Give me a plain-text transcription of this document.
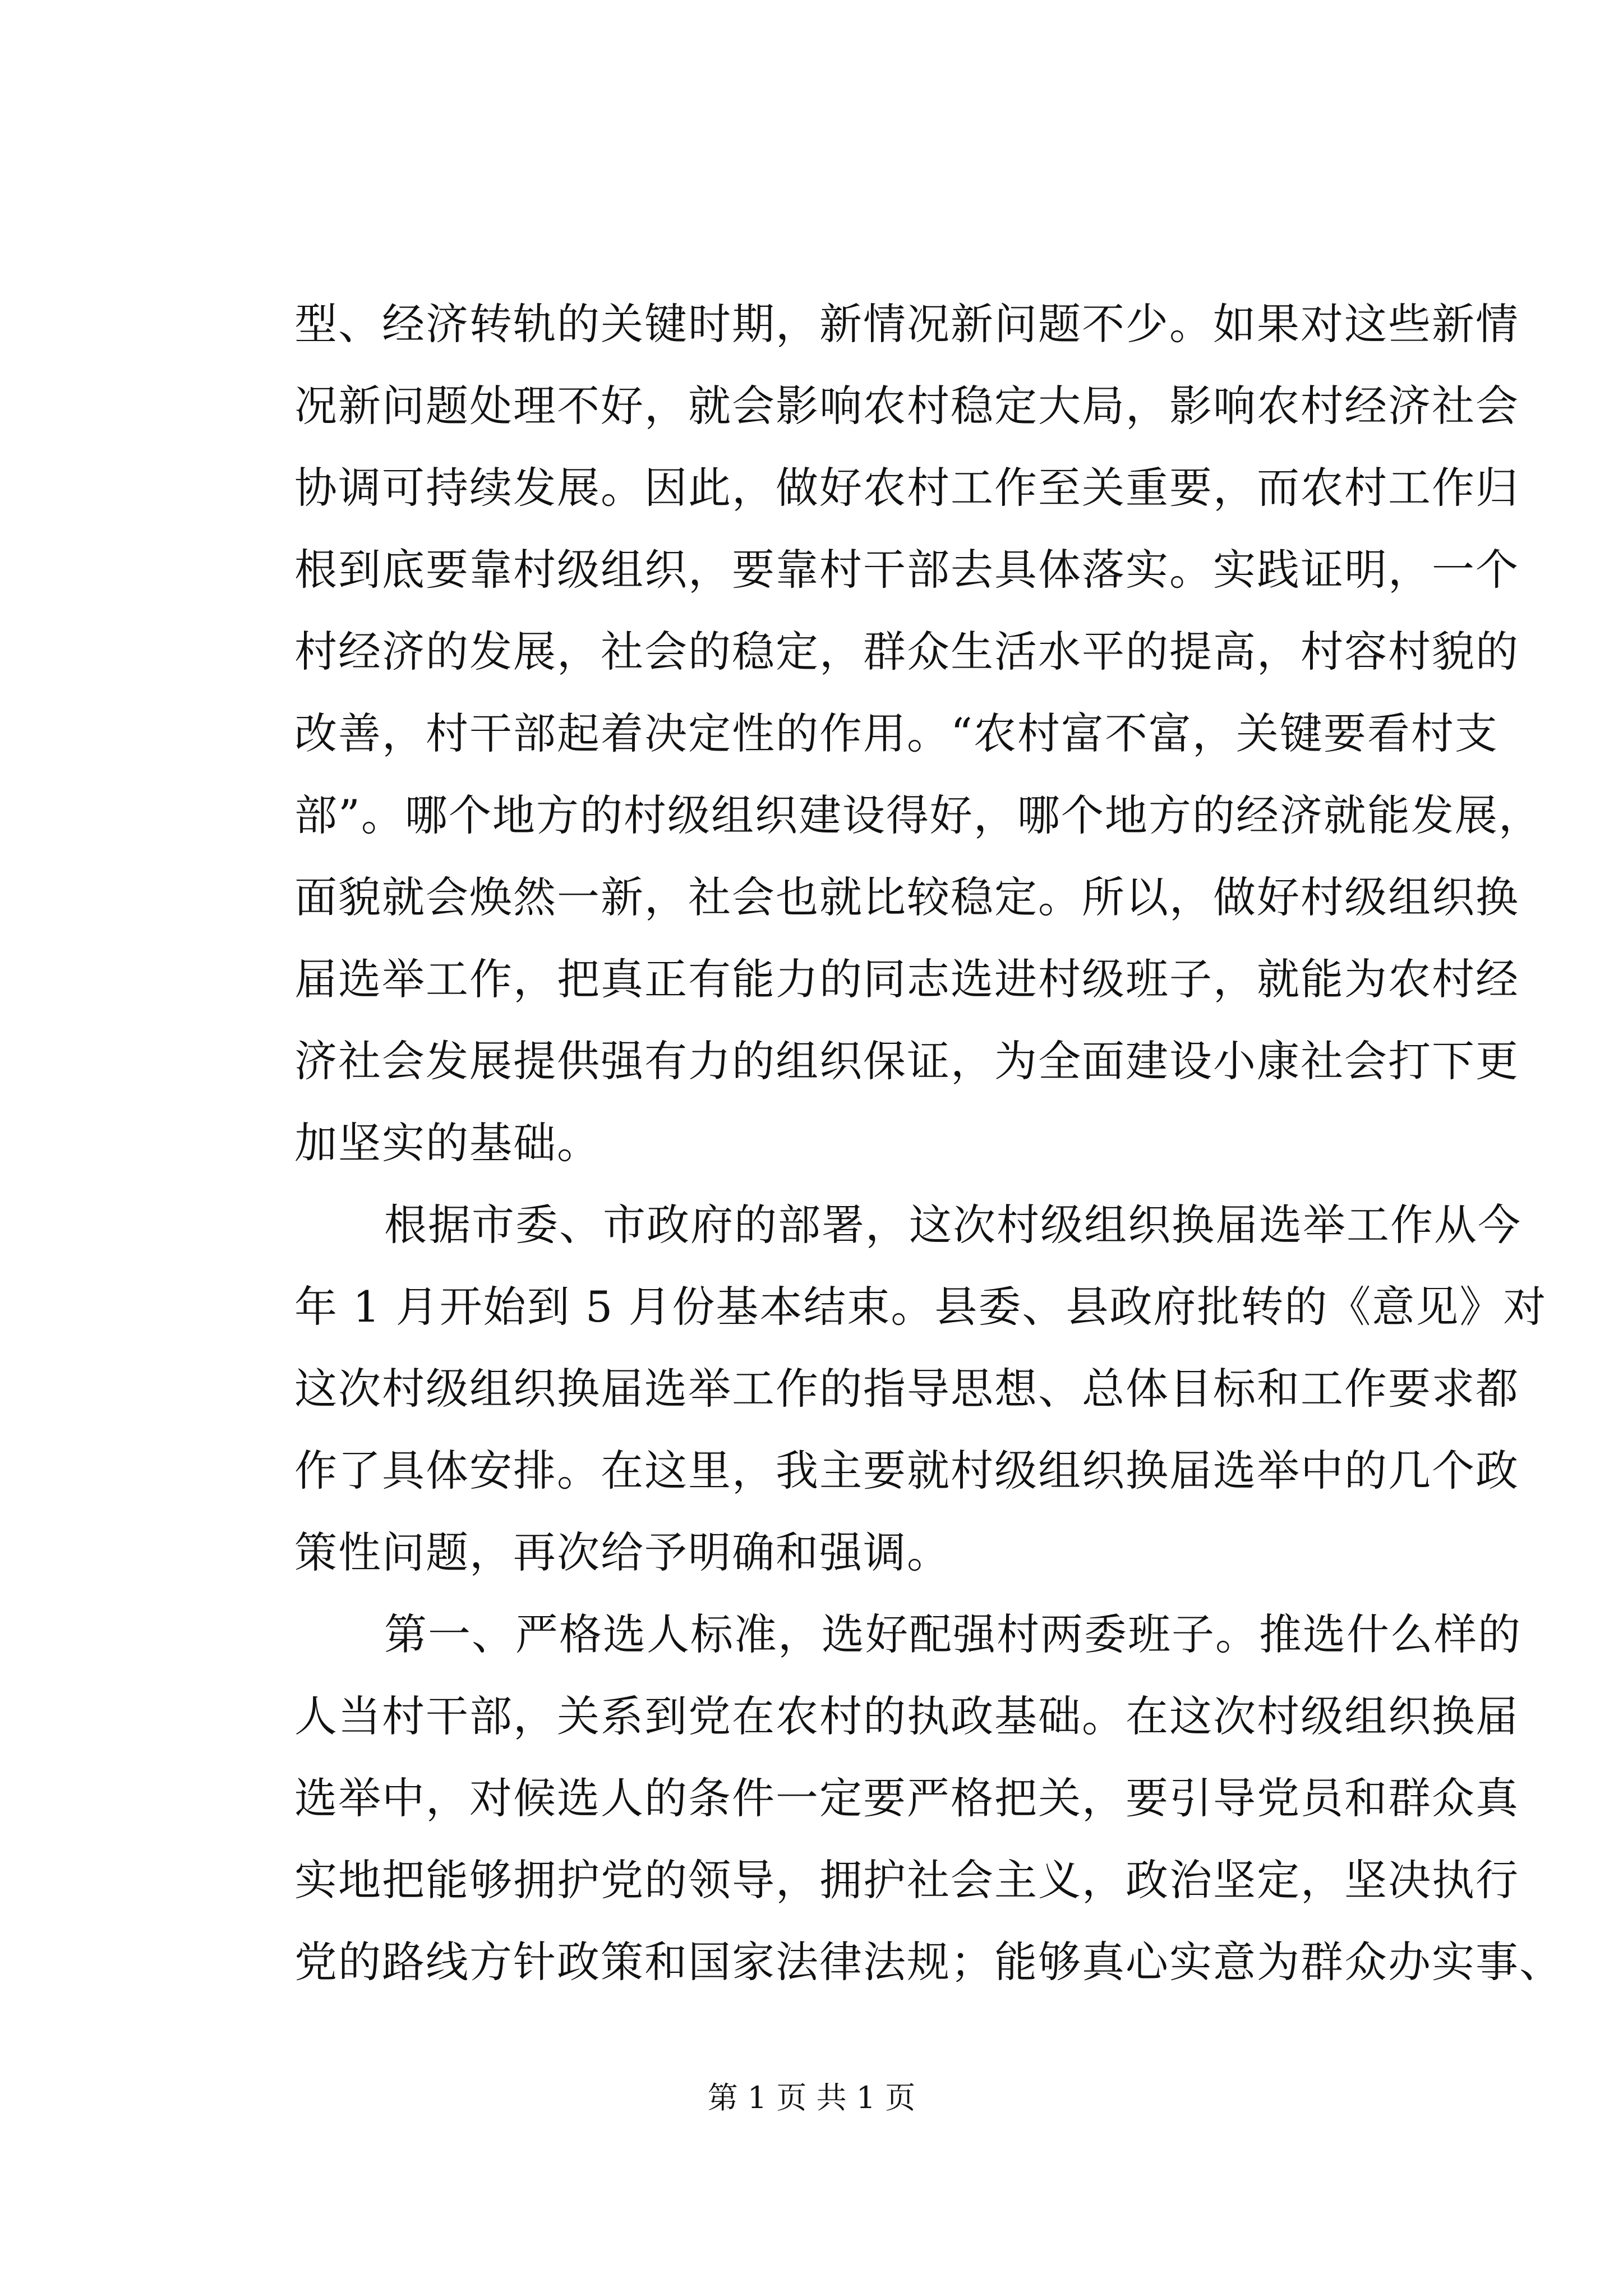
型、经济转轨的关键时期，新情况新问题不少。如果对这些新情
况新问题处理不好，就会影响农村稳定大局，影响农村经济社会
协调可持续发展。因此，做好农村工作至关重要，而农村工作归
根到底要靠村级组织，要靠村干部去具体落实。实践证明，一个
村经济的发展，社会的稳定，群众生活水平的提高，村容村貌的
改善，村干部起着决定性的作用。“农村富不富，关键要看村支
部”。哪个地方的村级组织建设得好，哪个地方的经济就能发展，
面貌就会焕然一新，社会也就比较稳定。所以，做好村级组织换
届选举工作，把真正有能力的同志选进村级班子，就能为农村经
济社会发展提供强有力的组织保证，为全面建设小康社会打下更
加坚实的基础。

根据市委、市政府的部署，这次村级组织换届选举工作从今
年 1 月开始到 5 月份基本结束。县委、县政府批转的《意见》对
这次村级组织换届选举工作的指导思想、总体目标和工作要求都
作了具体安排。在这里，我主要就村级组织换届选举中的几个政
策性问题，再次给予明确和强调。

第一、严格选人标准，选好配强村两委班子。推选什么样的
人当村干部，关系到党在农村的执政基础。在这次村级组织换届
选举中，对候选人的条件一定要严格把关，要引导党员和群众真
实地把能够拥护党的领导，拥护社会主义，政治坚定，坚决执行
党的路线方针政策和国家法律法规；能够真心实意为群众办实事、

第 1 页 共 1 页
